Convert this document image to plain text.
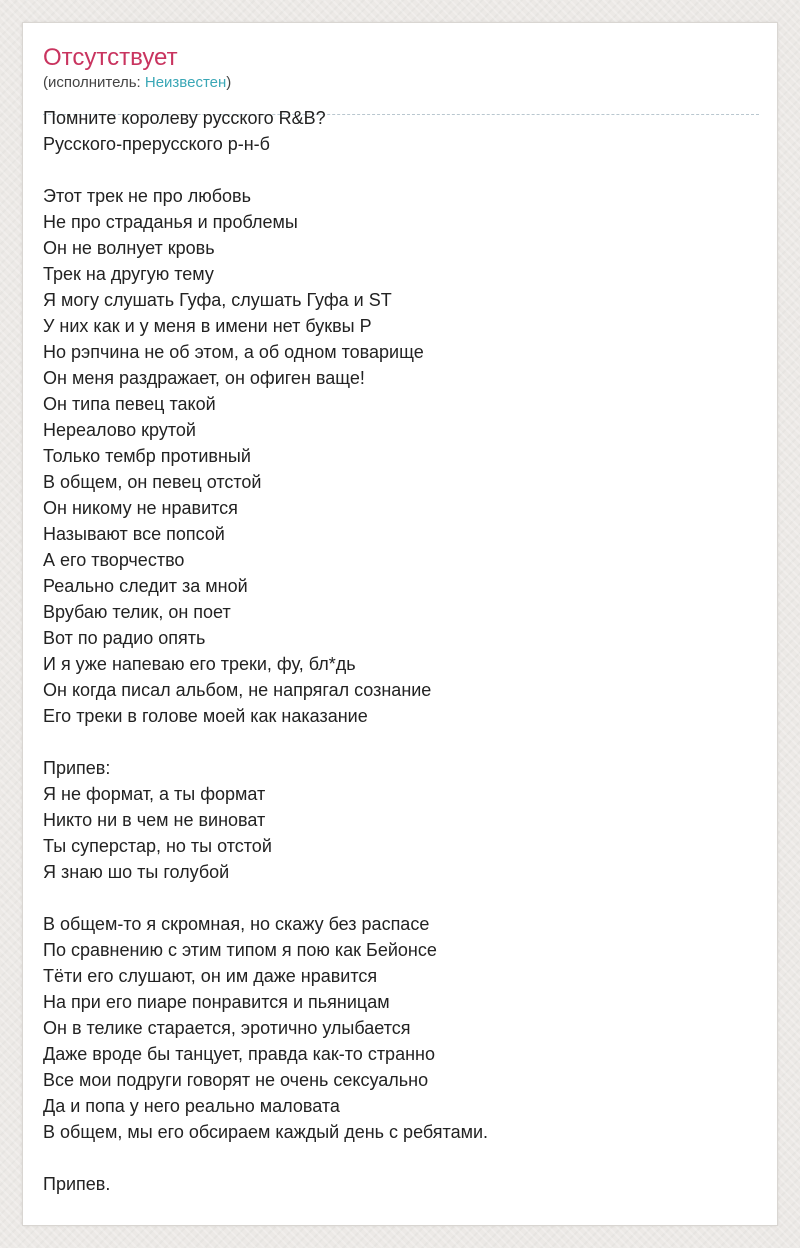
Отсутствует
(исполнитель: Неизвестен)
Помните королеву русского R&B?
Русского-прерусского р-н-б
Этот трек не про любовь
Не про страданья и проблемы
Он не волнует кровь
Трек на другую тему
Я могу слушать Гуфа, слушать Гуфа и ST
У них как и у меня в имени нет буквы Р
Но рэпчина не об этом, а об одном товарище
Он меня раздражает, он офиген ваще!
Он типа певец такой
Нереалово крутой
Только тембр противный
В общем, он певец отстой
Он никому не нравится
Называют все попсой
А его творчество
Реально следит за мной
Врубаю телик, он поет
Вот по радио опять
И я уже напеваю его треки, фу, бл*дь
Он когда писал альбом, не напрягал сознание
Его треки в голове моей как наказание
Припев:
Я не формат, а ты формат
Никто ни в чем не виноват
Ты суперстар, но ты отстой
Я знаю шо ты голубой
В общем-то я скромная, но скажу без распасе
По сравнению с этим типом я пою как Бейонсе
Тёти его слушают, он им даже нравится
На при его пиаре понравится и пьяницам
Он в телике старается, эротично улыбается
Даже вроде бы танцует, правда как-то странно
Все мои подруги говорят не очень сексуально
Да и попа у него реально маловата
В общем, мы его обсираем каждый день с ребятами.
Припев.
